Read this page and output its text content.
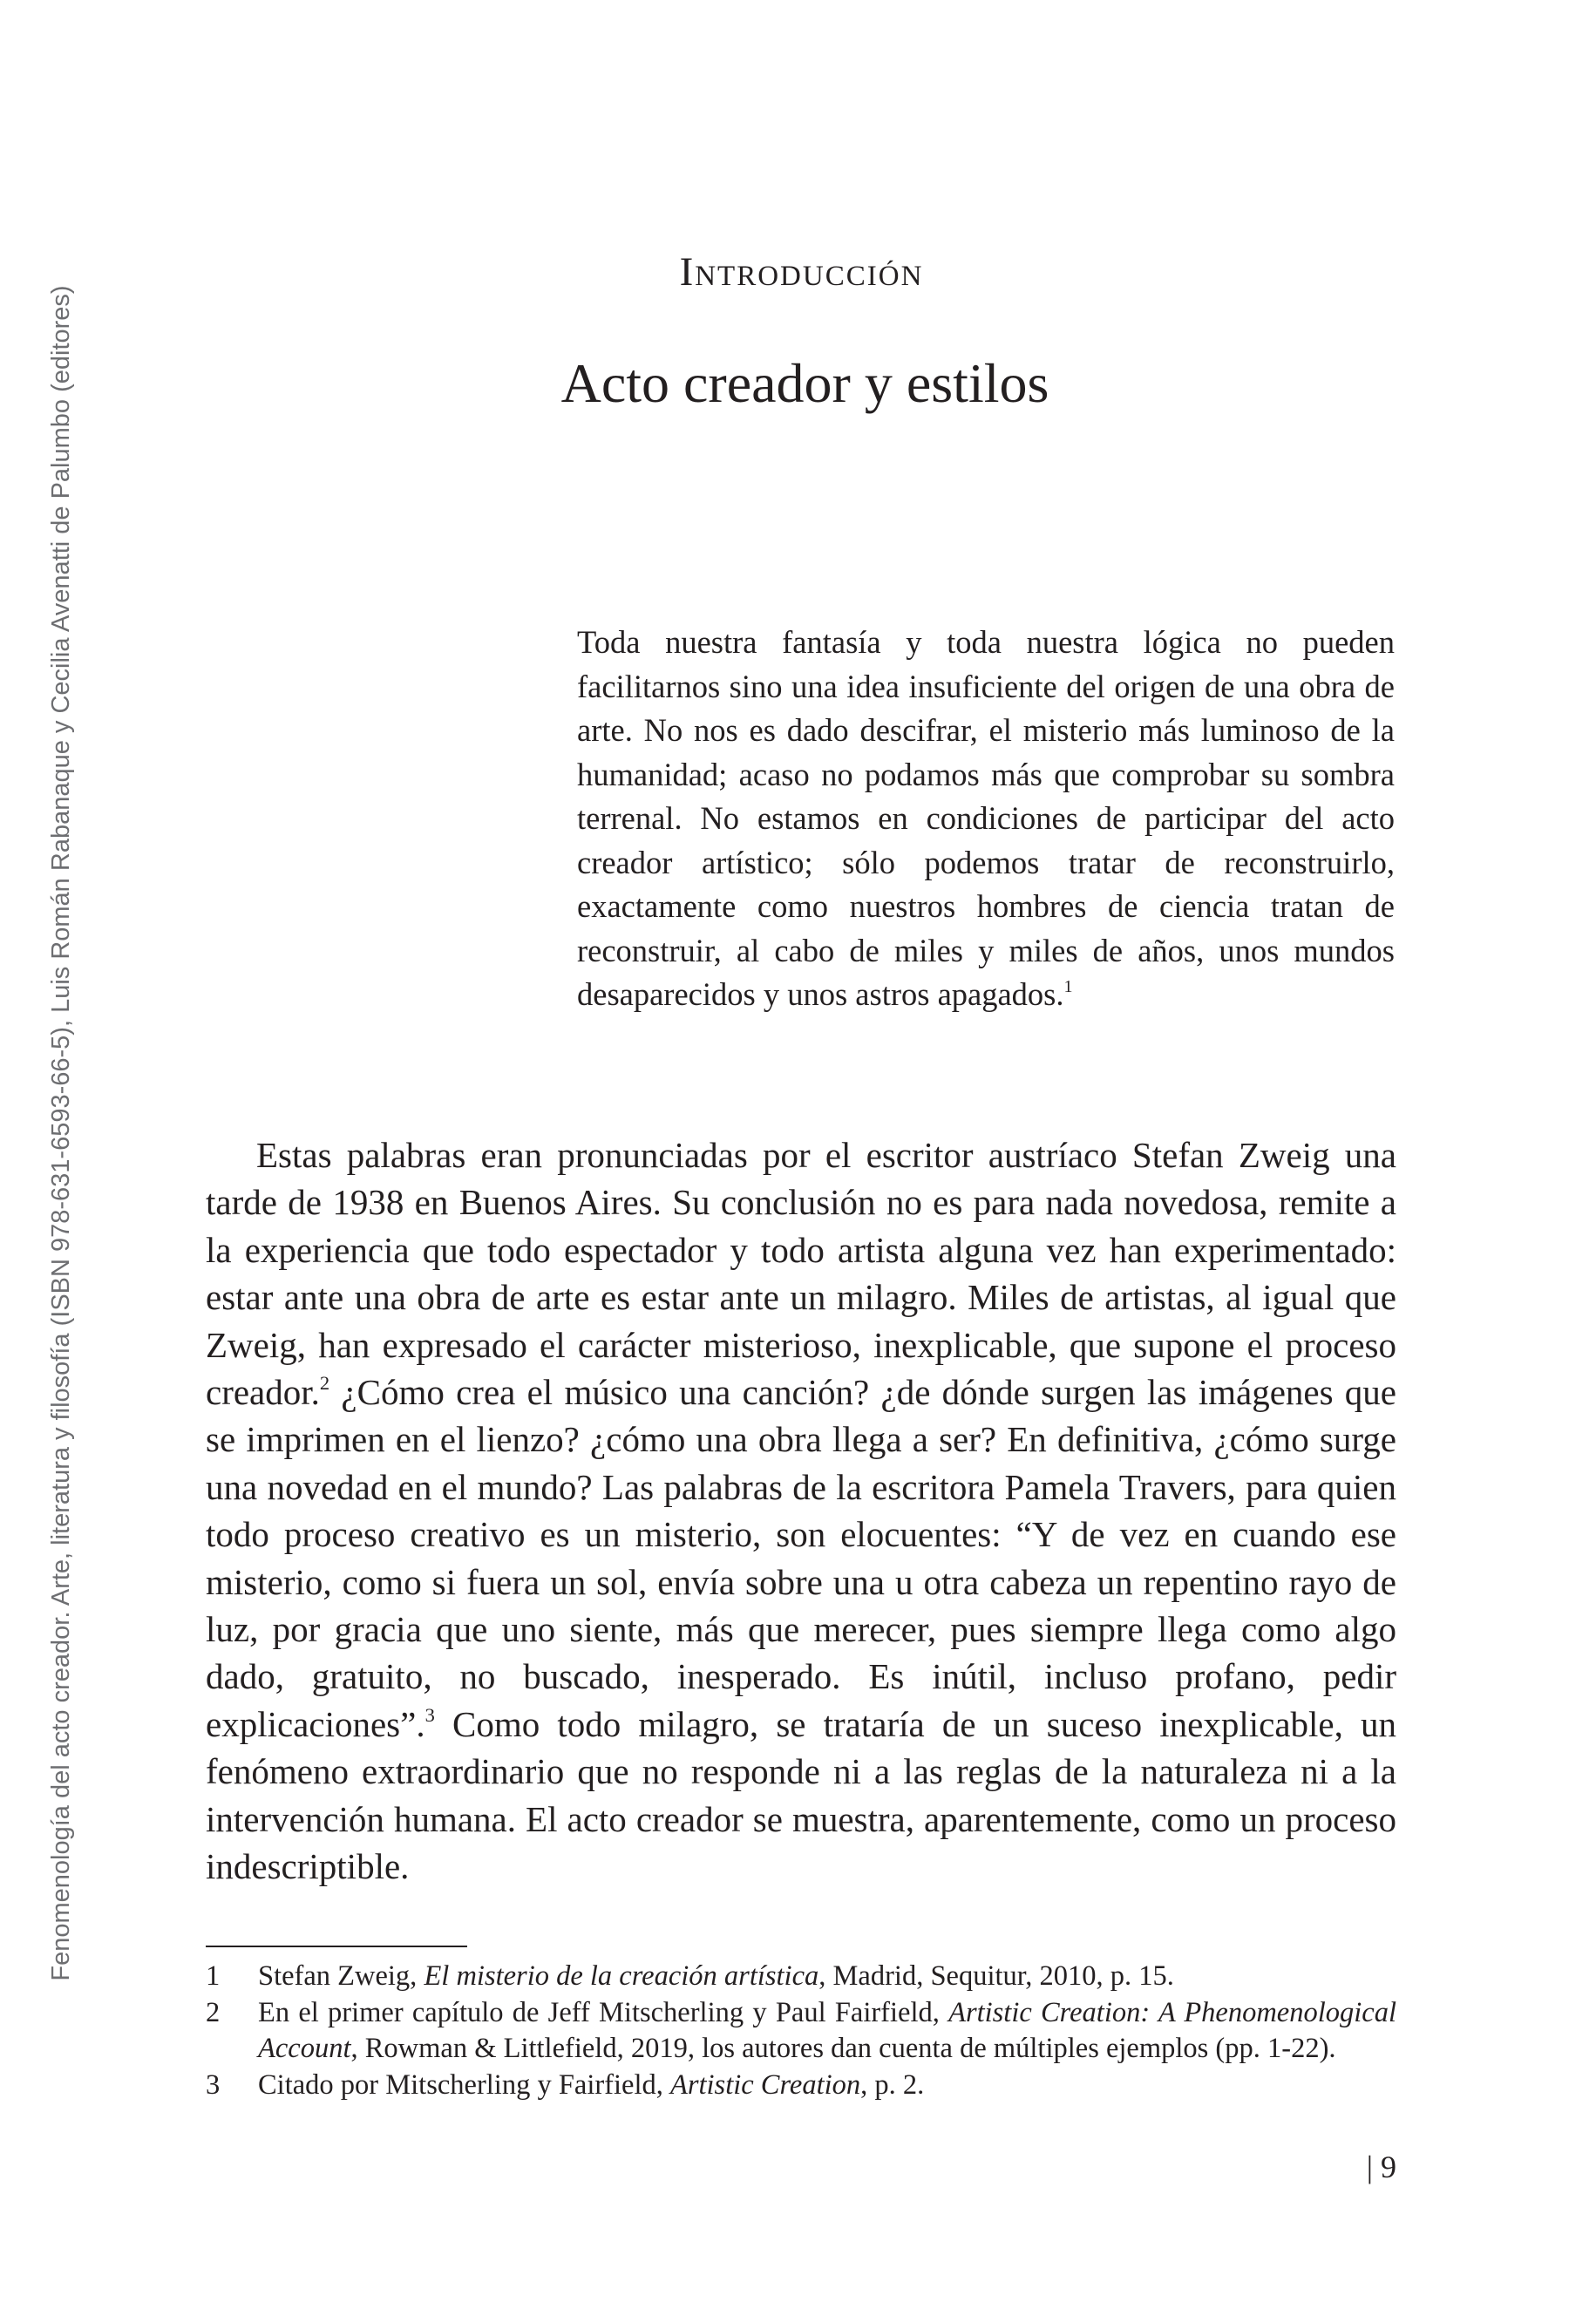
Fenomenología del acto creador. Arte, literatura y filosofía (ISBN 978-631-6593-66-5), Luis Román Rabanaque y Cecilia Avenatti de Palumbo (editores)
Introducción
Acto creador y estilos

Toda nuestra fantasía y toda nuestra lógica no pueden facilitarnos sino una idea insuficiente del origen de una obra de arte. No nos es dado descifrar, el misterio más luminoso de la humanidad; acaso no podamos más que comprobar su sombra terrenal. No estamos en condiciones de participar del acto creador artístico; sólo podemos tratar de reconstruirlo, exactamente como nuestros hombres de ciencia tratan de reconstruir, al cabo de miles y miles de años, unos mundos desaparecidos y unos astros apagados.$^1$

Estas palabras eran pronunciadas por el escritor austríaco Stefan Zweig una tarde de 1938 en Buenos Aires. Su conclusión no es para nada novedosa, remite a la experiencia que todo espectador y todo artista alguna vez han experimentado: estar ante una obra de arte es estar ante un milagro. Miles de artistas, al igual que Zweig, han expresado el carácter misterioso, inexplicable, que supone el proceso creador.$^2$ ¿Cómo crea el músico una canción? ¿de dónde surgen las imágenes que se imprimen en el lienzo? ¿cómo una obra llega a ser? En definitiva, ¿cómo surge una novedad en el mundo? Las palabras de la escritora Pamela Travers, para quien todo proceso creativo es un misterio, son elocuentes: “Y de vez en cuando ese misterio, como si fuera un sol, envía sobre una u otra cabeza un repentino rayo de luz, por gracia que uno siente, más que merecer, pues siempre llega como algo dado, gratuito, no buscado, inesperado. Es inútil, incluso profano, pedir explicaciones”.$^3$ Como todo milagro, se trataría de un suceso inexplicable, un fenómeno extraordinario que no responde ni a las reglas de la naturaleza ni a la intervención humana. El acto creador se muestra, aparentemente, como un proceso indescriptible.

1	Stefan Zweig, El misterio de la creación artística, Madrid, Sequitur, 2010, p. 15.
2	En el primer capítulo de Jeff Mitscherling y Paul Fairfield, Artistic Creation: A Phenomenological Account, Rowman & Littlefield, 2019, los autores dan cuenta de múltiples ejemplos (pp. 1-22).
3	Citado por Mitscherling y Fairfield, Artistic Creation, p. 2.
| 9
